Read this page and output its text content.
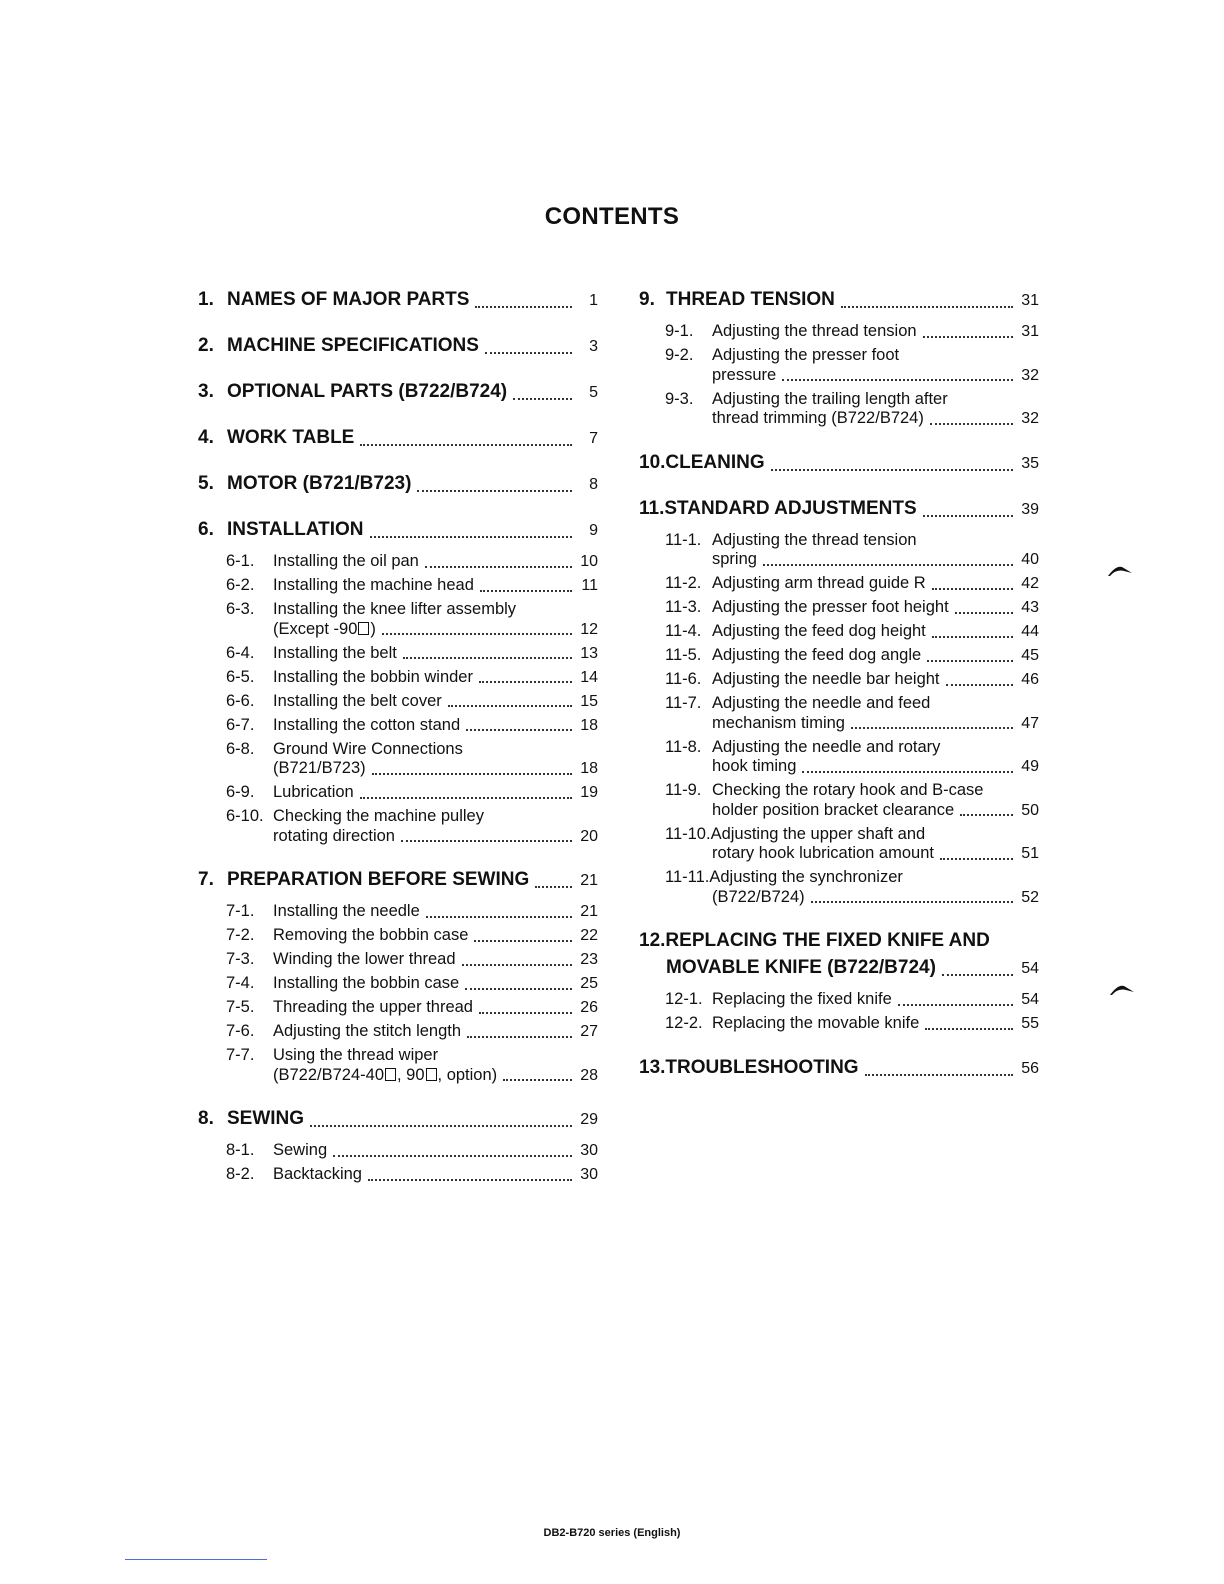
CONTENTS
1. NAMES OF MAJOR PARTS	1
2. MACHINE SPECIFICATIONS	3
3. OPTIONAL PARTS (B722/B724)	5
4. WORK TABLE	7
5. MOTOR (B721/B723)	8
6. INSTALLATION	9
6-1.	Installing the oil pan	10
6-2.	Installing the machine head	11
6-3.	Installing the knee lifter assembly
(Except -90 )	12
6-4.	Installing the belt	13
6-5.	Installing the bobbin winder	14
6-6.	Installing the belt cover	15
6-7.	Installing the cotton stand	18
6-8.	Ground Wire Connections
(B721/B723)	18
6-9.	Lubrication	19
6-10. Checking the machine pulley
rotating direction	20
7. PREPARATION BEFORE SEWING	21
7-1.	Installing the needle	21
7-2.	Removing the bobbin case	22
7-3.	Winding the lower thread	23
7-4.	Installing the bobbin case	25
7-5.	Threading the upper thread	26
7-6.	Adjusting the stitch length	27
7-7.	Using the thread wiper
(B722/B724-40 , 90 , option)	28
8. SEWING	29
8-1.	Sewing	30
8-2.	Backtacking	30
9. THREAD TENSION	31
9-1.	Adjusting the thread tension	31
9-2.	Adjusting the presser foot
pressure	32
9-3.	Adjusting the trailing length after
thread trimming (B722/B724)	32
10. CLEANING	35
11. STANDARD ADJUSTMENTS	39
11-1. Adjusting the thread tension
spring	40
11-2. Adjusting arm thread guide R	42
11-3. Adjusting the presser foot height	43
11-4. Adjusting the feed dog height	44
11-5. Adjusting the feed dog angle	45
11-6. Adjusting the needle bar height	46
11-7. Adjusting the needle and feed
mechanism timing	47
11-8. Adjusting the needle and rotary
hook timing	49
11-9. Checking the rotary hook and B-case
holder position bracket clearance	50
11-10. Adjusting the upper shaft and
rotary hook lubrication amount	51
11-11. Adjusting the synchronizer
(B722/B724)	52
12. REPLACING THE FIXED KNIFE AND
MOVABLE KNIFE (B722/B724)	54
12-1. Replacing the fixed knife	54
12-2. Replacing the movable knife	55
13. TROUBLESHOOTING	56
DB2-B720 series (English)
